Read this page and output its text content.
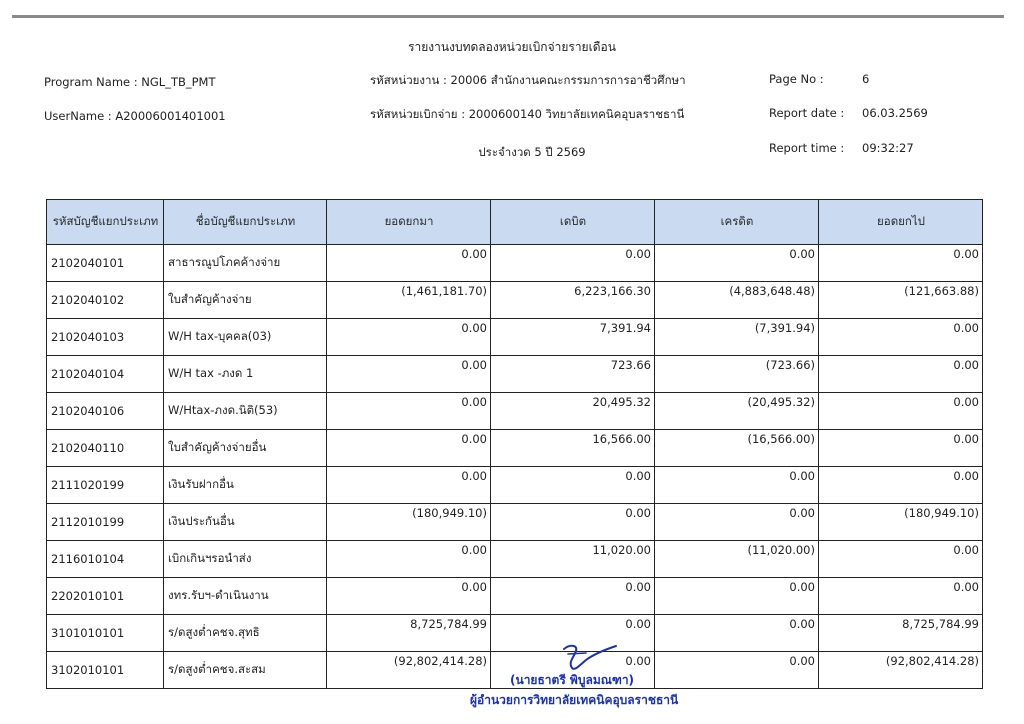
รายงานงบทดลองหน่วยเบิกจ่ายรายเดือน
Program Name : NGL_TB_PMT
UserName : A20006001401001
รหัสหน่วยงาน : 20006 สำนักงานคณะกรรมการการอาชีวศึกษา
รหัสหน่วยเบิกจ่าย : 2000600140 วิทยาลัยเทคนิคอุบลราชธานี
ประจำงวด 5 ปี 2569
Page No :	6
Report date : 06.03.2569
Report time : 09:32:27
รหัสบัญชีแยกประเภท	ชื่อบัญชีแยกประเภท	ยอดยกมา	เดบิต	เครดิต	ยอดยกไป
2102040101	สาธารณูปโภคค้างจ่าย	0.00	0.00	0.00	0.00
2102040102	ใบสำคัญค้างจ่าย	(1,461,181.70)	6,223,166.30	(4,883,648.48)	(121,663.88)
2102040103	W/H tax-บุคคล(03)	0.00	7,391.94	(7,391.94)	0.00
2102040104	W/H tax -ภงด 1	0.00	723.66	(723.66)	0.00
2102040106	W/Htax-ภงด.นิติ(53)	0.00	20,495.32	(20,495.32)	0.00
2102040110	ใบสำคัญค้างจ่ายอื่น	0.00	16,566.00	(16,566.00)	0.00
2111020199	เงินรับฝากอื่น	0.00	0.00	0.00	0.00
2112010199	เงินประกันอื่น	(180,949.10)	0.00	0.00	(180,949.10)
2116010104	เบิกเกินฯรอนำส่ง	0.00	11,020.00	(11,020.00)	0.00
2202010101	งทร.รับฯ-ดำเนินงาน	0.00	0.00	0.00	0.00
3101010101	ร/ดสูงต่ำคชจ.สุทธิ	8,725,784.99	0.00	0.00	8,725,784.99
3102010101	ร/ดสูงต่ำคชจ.สะสม	(92,802,414.28)	0.00	0.00	(92,802,414.28)
(นายธาตรี พิบูลมณฑา)
ผู้อำนวยการวิทยาลัยเทคนิคอุบลราชธานี
